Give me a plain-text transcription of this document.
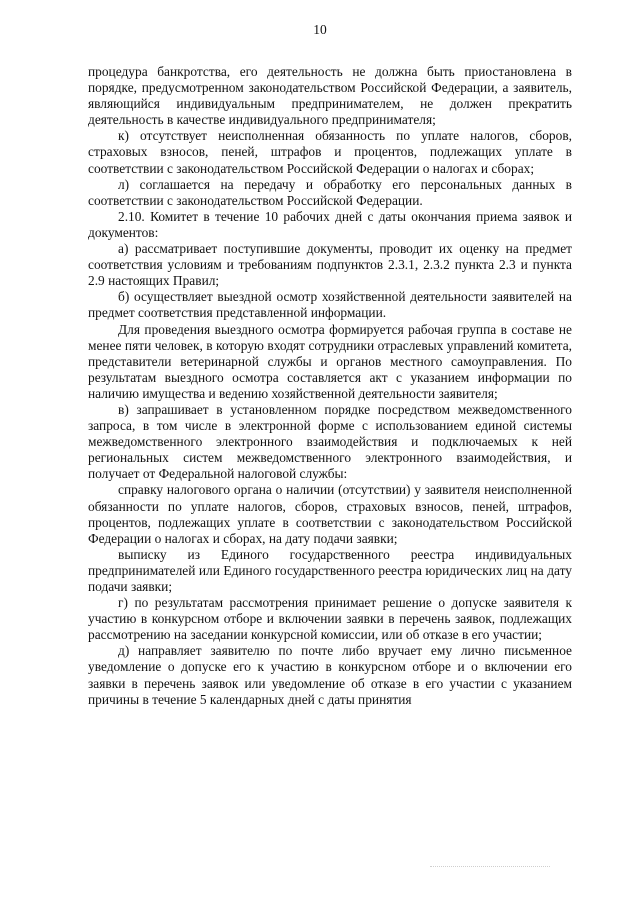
10

процедура банкротства, его деятельность не должна быть приостановлена в порядке, предусмотренном законодательством Российской Федерации, а заявитель, являющийся индивидуальным предпринимателем, не должен прекратить деятельность в качестве индивидуального предпринимателя;

к) отсутствует неисполненная обязанность по уплате налогов, сборов, страховых взносов, пеней, штрафов и процентов, подлежащих уплате в соответствии с законодательством Российской Федерации о налогах и сборах;

л) соглашается на передачу и обработку его персональных данных в соответствии с законодательством Российской Федерации.

2.10. Комитет в течение 10 рабочих дней с даты окончания приема заявок и документов:

а) рассматривает поступившие документы, проводит их оценку на предмет соответствия условиям и требованиям подпунктов 2.3.1, 2.3.2 пункта 2.3 и пункта 2.9 настоящих Правил;

б) осуществляет выездной осмотр хозяйственной деятельности заявителей на предмет соответствия представленной информации.

Для проведения выездного осмотра формируется рабочая группа в составе не менее пяти человек, в которую входят сотрудники отраслевых управлений комитета, представители ветеринарной службы и органов местного самоуправления. По результатам выездного осмотра составляется акт с указанием информации по наличию имущества и ведению хозяйственной деятельности заявителя;

в) запрашивает в установленном порядке посредством межведомственного запроса, в том числе в электронной форме с использованием единой системы межведомственного электронного взаимодействия и подключаемых к ней региональных систем межведомственного электронного взаимодействия, и получает от Федеральной налоговой службы:

справку налогового органа о наличии (отсутствии) у заявителя неисполненной обязанности по уплате налогов, сборов, страховых взносов, пеней, штрафов, процентов, подлежащих уплате в соответствии с законодательством Российской Федерации о налогах и сборах, на дату подачи заявки;

выписку из Единого государственного реестра индивидуальных предпринимателей или Единого государственного реестра юридических лиц на дату подачи заявки;

г) по результатам рассмотрения принимает решение о допуске заявителя к участию в конкурсном отборе и включении заявки в перечень заявок, подлежащих рассмотрению на заседании конкурсной комиссии, или об отказе в его участии;

д) направляет заявителю по почте либо вручает ему лично письменное уведомление о допуске его к участию в конкурсном отборе и о включении его заявки в перечень заявок или уведомление об отказе в его участии с указанием причины в течение 5 календарных дней с даты принятия
